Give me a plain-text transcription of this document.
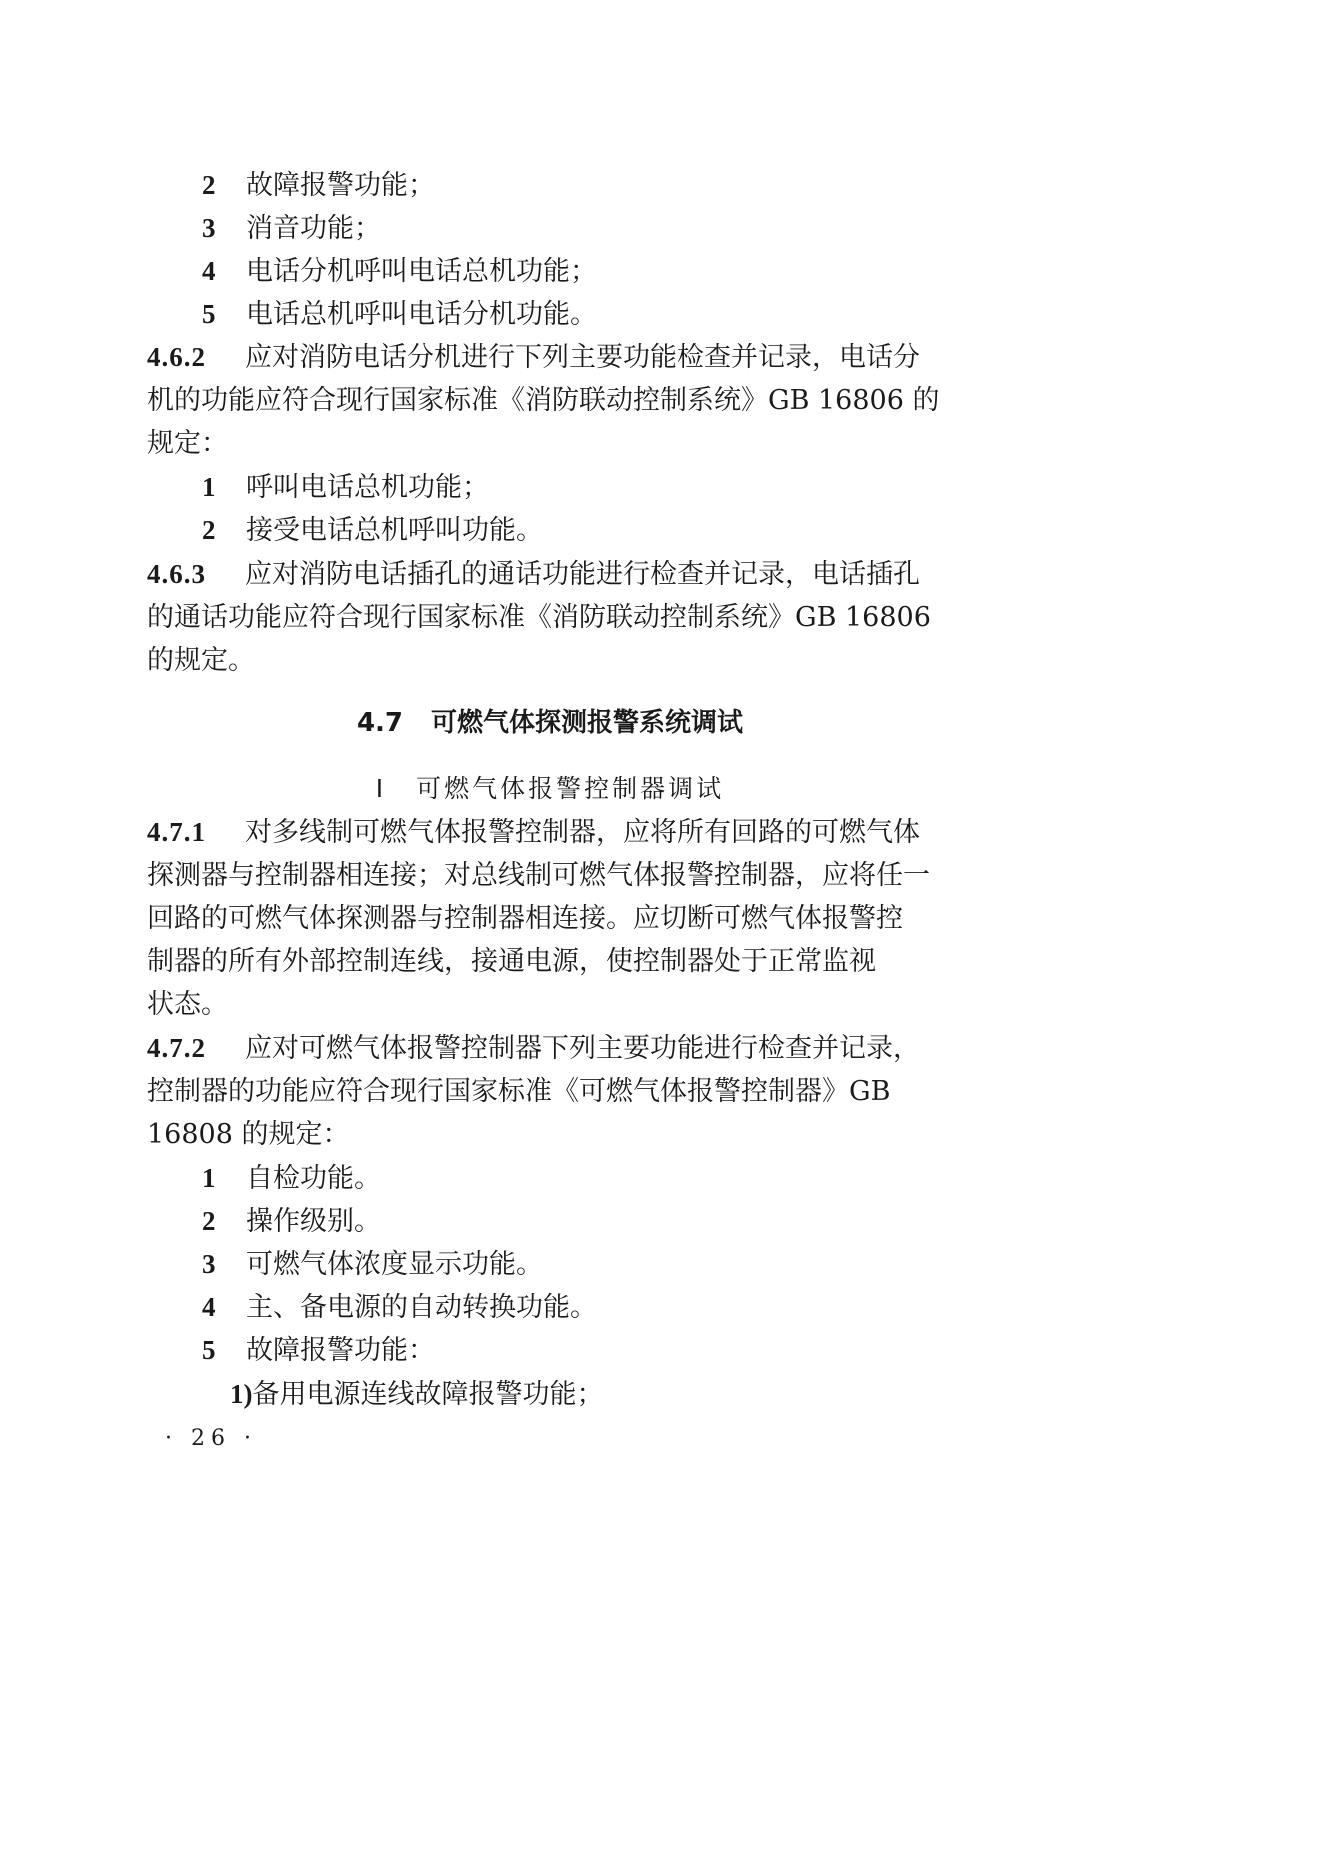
2 故障报警功能；
3 消音功能；
4 电话分机呼叫电话总机功能；
5 电话总机呼叫电话分机功能。
4.6.2 应对消防电话分机进行下列主要功能检查并记录，电话分
机的功能应符合现行国家标准《消防联动控制系统》GB 16806 的
规定：
1 呼叫电话总机功能；
2 接受电话总机呼叫功能。
4.6.3 应对消防电话插孔的通话功能进行检查并记录，电话插孔
的通话功能应符合现行国家标准《消防联动控制系统》GB 16806
的规定。
4.7 可燃气体探测报警系统调试
Ⅰ 可燃气体报警控制器调试
4.7.1 对多线制可燃气体报警控制器，应将所有回路的可燃气体
探测器与控制器相连接；对总线制可燃气体报警控制器，应将任一
回路的可燃气体探测器与控制器相连接。应切断可燃气体报警控
制器的所有外部控制连线，接通电源，使控制器处于正常监视
状态。
4.7.2 应对可燃气体报警控制器下列主要功能进行检查并记录，
控制器的功能应符合现行国家标准《可燃气体报警控制器》GB
16808 的规定：
1 自检功能。
2 操作级别。
3 可燃气体浓度显示功能。
4 主、备电源的自动转换功能。
5 故障报警功能：
1)备用电源连线故障报警功能；
· 26 ·
